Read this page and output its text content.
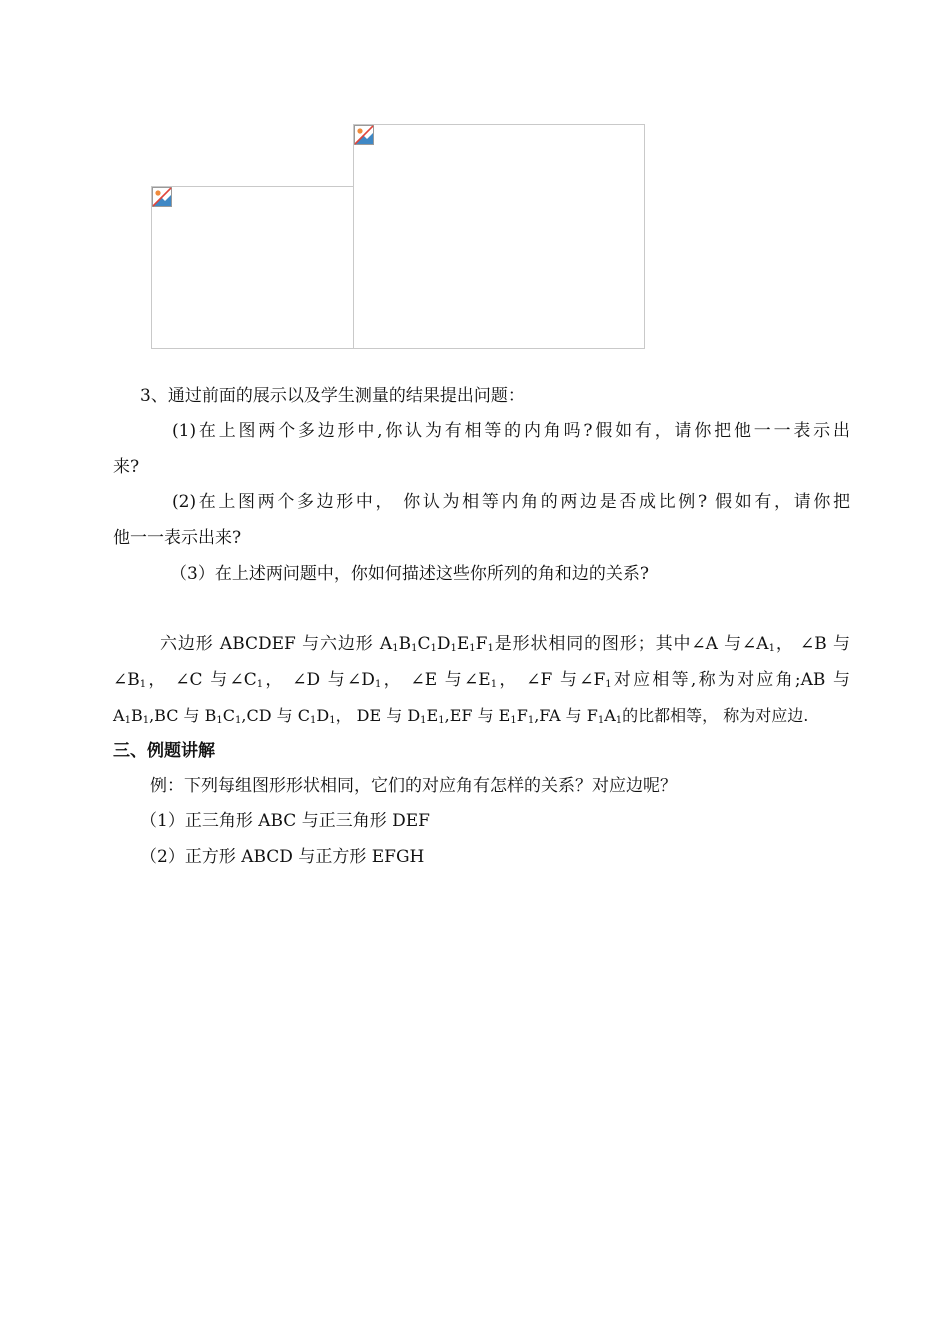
3、通过前面的展示以及学生测量的结果提出问题：
(1)在上图两个多边形中,你认为有相等的内角吗?假如有，请你把他一一表示出
来?
(2)在上图两个多边形中， 你认为相等内角的两边是否成比例? 假如有，请你把
他一一表示出来?
（3）在上述两问题中，你如何描述这些你所列的角和边的关系?
六边形 ABCDEF 与六边形 $A_1B_1C_1D_1E_1F_1$是形状相同的图形；其中∠A 与$\angle A_1$， ∠B 与
$\angle B_1$， ∠C 与$\angle C_1$， ∠D 与$\angle D_1$， ∠E 与$\angle E_1$， ∠F 与$\angle F_1$对应相等,称为对应角;AB 与
$A_1B_1,BC$ 与 $B_1C_1,CD$ 与 $C_1D_1$， DE 与 $D_1E_1,EF$ 与 $E_1F_1,FA$ 与 $F_1A_1$的比都相等， 称为对应边.
三、例题讲解
例：下列每组图形形状相同，它们的对应角有怎样的关系？对应边呢？
（1）正三角形 ABC 与正三角形 DEF
（2）正方形 ABCD 与正方形 EFGH
